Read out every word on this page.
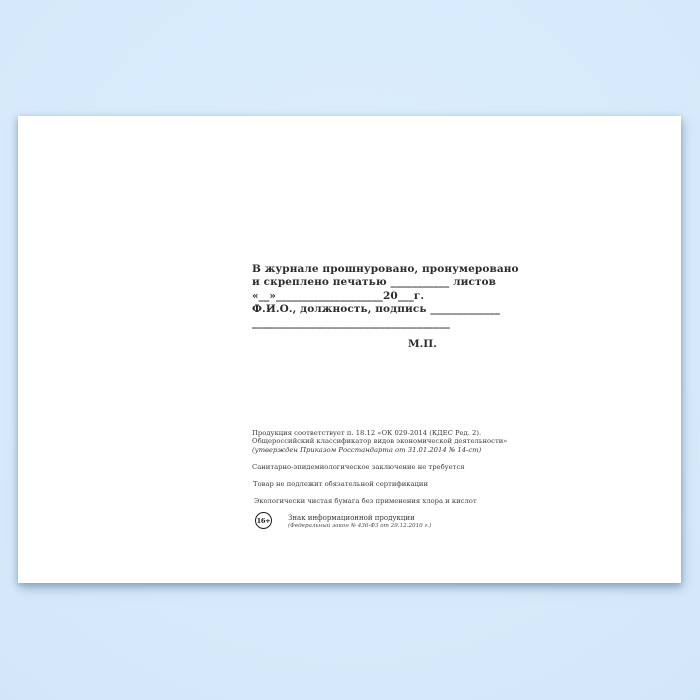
В журнале прошнуровано, пронумеровано
и скреплено печатью ___________ листов
«__»____________________20___г.
Ф.И.О., должность, подпись _____________
_____________________________________
М.П.
Продукция соответствует п. 18.12 «ОК 029-2014 (КДЕС Ред. 2).
Общероссийский классификатор видов экономической деятельности»
(утвержден Приказом Росстандарта от 31.01.2014 № 14-ст)
Санитарно-эпидемиологическое заключение не требуется
Товар не подлежит обязательной сертификации
Экологически чистая бумага без применения хлора и кислот
16+	Знак информационной продукции
(Федеральный закон № 436-ФЗ от 29.12.2010 г.)
